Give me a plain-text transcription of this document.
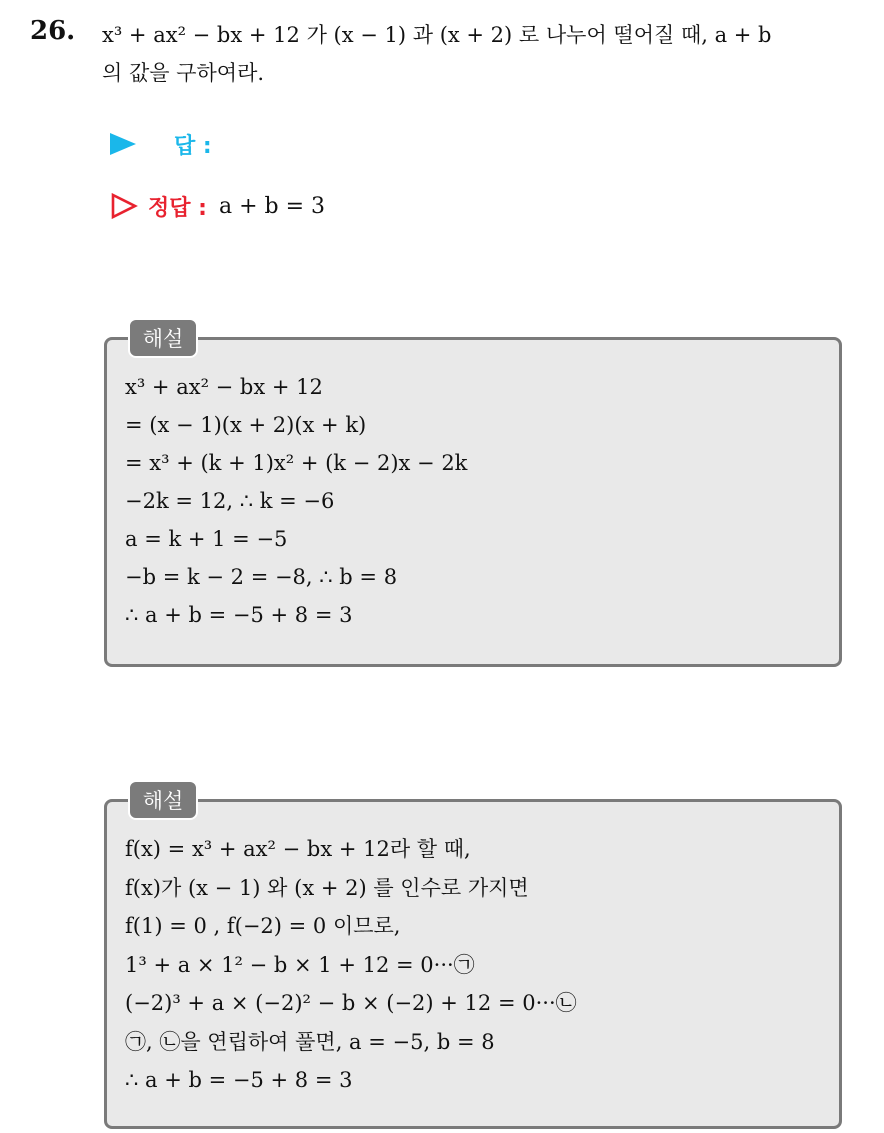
26. x³ + ax² − bx + 12 가 (x − 1) 과 (x + 2) 로 나누어 떨어질 때, a + b
의 값을 구하여라.
답 :
정답 : a + b = 3
x³ + ax² − bx + 12
= (x − 1)(x + 2)(x + k)
= x³ + (k + 1)x² + (k − 2)x − 2k
−2k = 12, ∴ k = −6
a = k + 1 = −5
−b = k − 2 = −8, ∴ b = 8
∴ a + b = −5 + 8 = 3
해설
f(x) = x³ + ax² − bx + 12라 할 때,
f(x)가 (x − 1) 와 (x + 2) 를 인수로 가지면
f(1) = 0 , f(−2) = 0 이므로,
1³ + a × 1² − b × 1 + 12 = 0···㉠
(−2)³ + a × (−2)² − b × (−2) + 12 = 0···㉡
㉠, ㉡을 연립하여 풀면, a = −5, b = 8
∴ a + b = −5 + 8 = 3
해설
